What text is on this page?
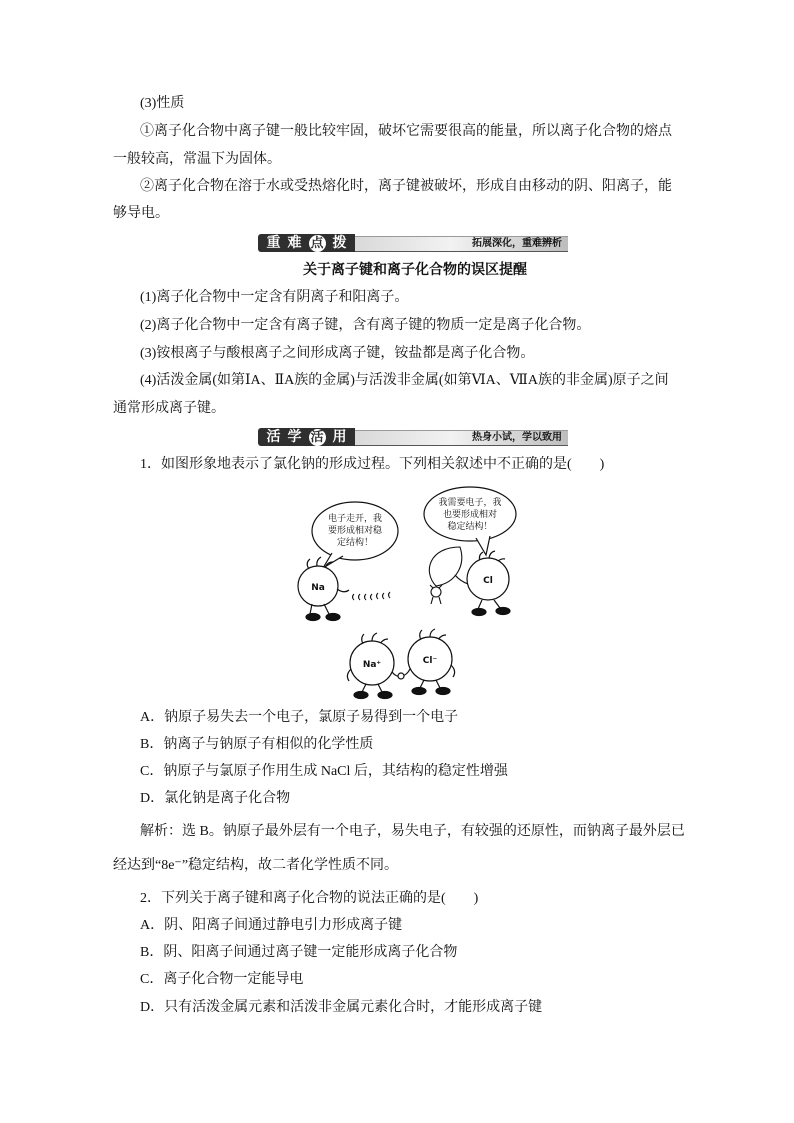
(3)性质
①离子化合物中离子键一般比较牢固，破坏它需要很高的能量，所以离子化合物的熔点
一般较高，常温下为固体。
②离子化合物在溶于水或受热熔化时，离子键被破坏，形成自由移动的阴、阳离子，能
够导电。
重 难 点 拨	拓展深化，重难辨析
关于离子键和离子化合物的误区提醒
(1)离子化合物中一定含有阴离子和阳离子。
(2)离子化合物中一定含有离子键，含有离子键的物质一定是离子化合物。
(3)铵根离子与酸根离子之间形成离子键，铵盐都是离子化合物。
(4)活泼金属(如第ⅠA、ⅡA族的金属)与活泼非金属(如第ⅥA、ⅦA族的非金属)原子之间
通常形成离子键。
活 学 活 用	热身小试，学以致用
1．如图形象地表示了氯化钠的形成过程。下列相关叙述中不正确的是(　　)
电子走开，我
要形成相对稳
定结构！
Na
我需要电子，我
也要形成相对
稳定结构！
Cl
Na⁺	Cl⁻
A．钠原子易失去一个电子，氯原子易得到一个电子
B．钠离子与钠原子有相似的化学性质
C．钠原子与氯原子作用生成 NaCl 后，其结构的稳定性增强
D．氯化钠是离子化合物
解析：选 B。钠原子最外层有一个电子，易失电子，有较强的还原性，而钠离子最外层已
经达到“8e⁻”稳定结构，故二者化学性质不同。
2．下列关于离子键和离子化合物的说法正确的是(　　)
A．阴、阳离子间通过静电引力形成离子键
B．阴、阳离子间通过离子键一定能形成离子化合物
C．离子化合物一定能导电
D．只有活泼金属元素和活泼非金属元素化合时，才能形成离子键
